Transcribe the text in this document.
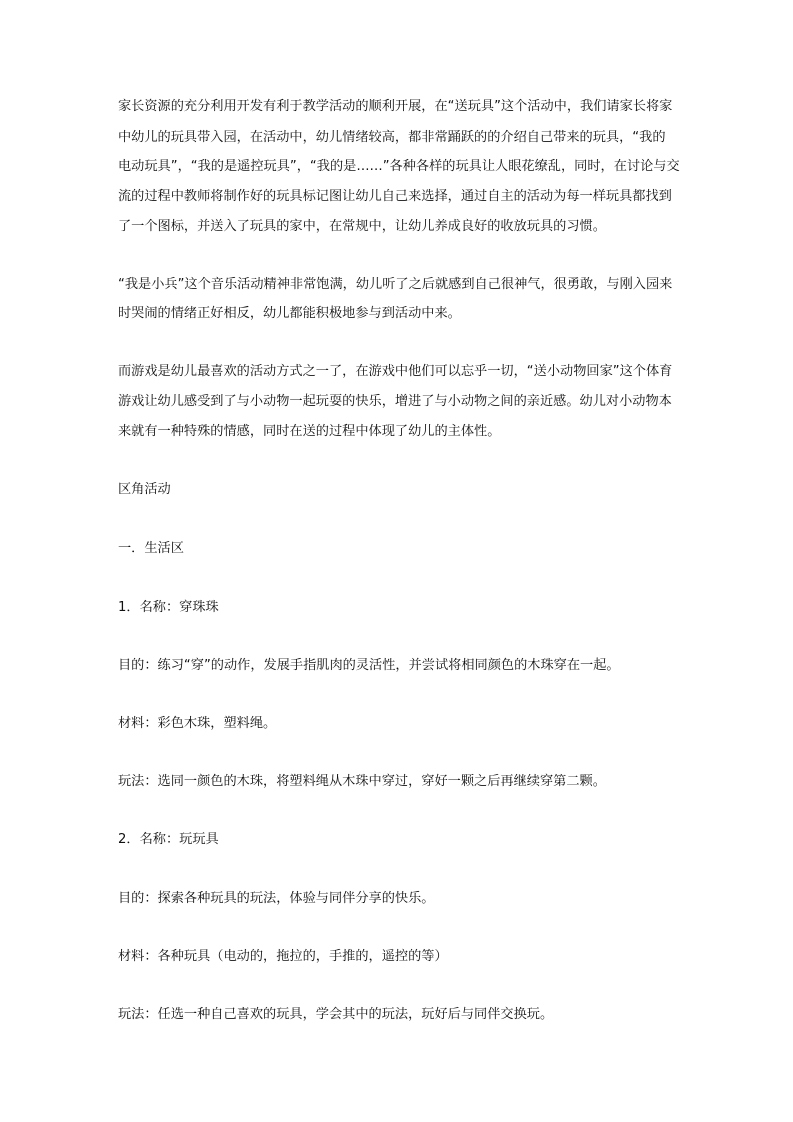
家长资源的充分利用开发有利于教学活动的顺利开展，在“送玩具”这个活动中，我们请家长将家
中幼儿的玩具带入园，在活动中，幼儿情绪较高，都非常踊跃的的介绍自己带来的玩具，“我的
电动玩具”，“我的是遥控玩具”，“我的是……”各种各样的玩具让人眼花缭乱，同时，在讨论与交
流的过程中教师将制作好的玩具标记图让幼儿自己来选择，通过自主的活动为每一样玩具都找到
了一个图标，并送入了玩具的家中，在常规中，让幼儿养成良好的收放玩具的习惯。
“我是小兵”这个音乐活动精神非常饱满，幼儿听了之后就感到自己很神气，很勇敢，与刚入园来
时哭闹的情绪正好相反，幼儿都能积极地参与到活动中来。
而游戏是幼儿最喜欢的活动方式之一了，在游戏中他们可以忘乎一切，“送小动物回家”这个体育
游戏让幼儿感受到了与小动物一起玩耍的快乐，增进了与小动物之间的亲近感。幼儿对小动物本
来就有一种特殊的情感，同时在送的过程中体现了幼儿的主体性。
区角活动
一．生活区
1．名称：穿珠珠
目的：练习“穿”的动作，发展手指肌肉的灵活性，并尝试将相同颜色的木珠穿在一起。
材料：彩色木珠，塑料绳。
玩法：选同一颜色的木珠，将塑料绳从木珠中穿过，穿好一颗之后再继续穿第二颗。
2．名称：玩玩具
目的：探索各种玩具的玩法，体验与同伴分享的快乐。
材料：各种玩具（电动的，拖拉的，手推的，遥控的等）
玩法：任选一种自己喜欢的玩具，学会其中的玩法，玩好后与同伴交换玩。
